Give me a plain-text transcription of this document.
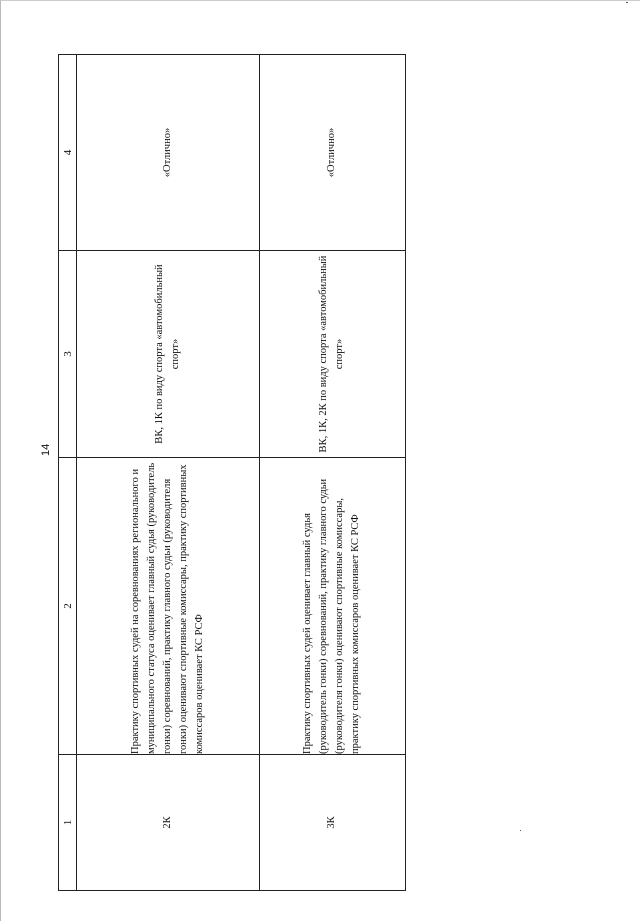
14
1	2	3	4
2К	Практику спортивных судей на соревнованиях регионального и муниципального статуса оценивает главный судья (руководитель гонки) соревнований, практику главного судьи (руководителя гонки) оценивают спортивные комиссары, практику спортивных комиссаров оценивает КС РСФ	ВК, 1К по виду спорта «автомобильный спорт»	«Отлично»
3К	Практику спортивных судей оценивает главный судья (руководитель гонки) соревнований, практику главного судьи (руководителя гонки) оценивают спортивные комиссары, практику спортивных комиссаров оценивает КС РСФ	ВК, 1К, 2К по виду спорта «автомобильный спорт»	«Отлично»
